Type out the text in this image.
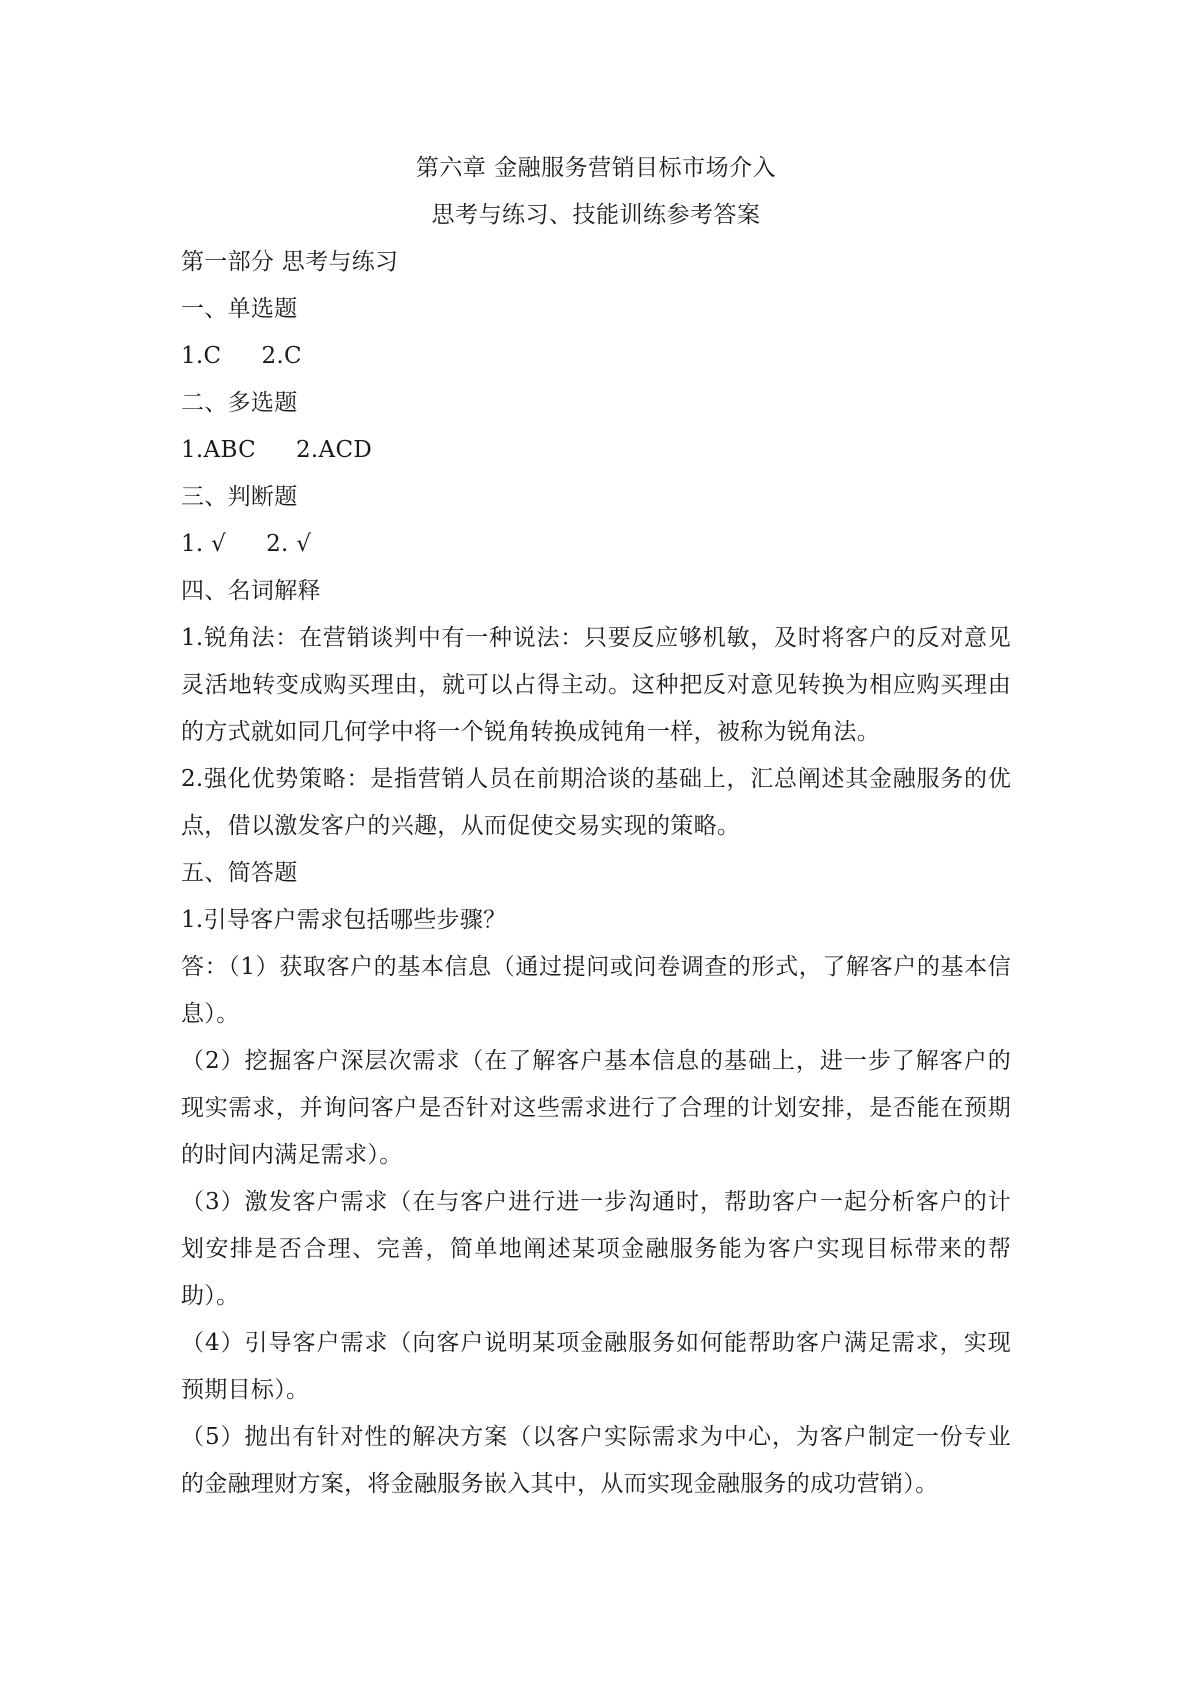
第六章 金融服务营销目标市场介入

思考与练习、技能训练参考答案

第一部分 思考与练习

一、单选题

1.C 2.C

二、多选题

1.ABC 2.ACD

三、判断题

1. √ 2. √

四、名词解释

1.锐角法：在营销谈判中有一种说法：只要反应够机敏，及时将客户的反对意见灵活地转变成购买理由，就可以占得主动。这种把反对意见转换为相应购买理由的方式就如同几何学中将一个锐角转换成钝角一样，被称为锐角法。

2.强化优势策略：是指营销人员在前期洽谈的基础上，汇总阐述其金融服务的优点，借以激发客户的兴趣，从而促使交易实现的策略。

五、简答题

1.引导客户需求包括哪些步骤？

答：（1）获取客户的基本信息（通过提问或问卷调查的形式，了解客户的基本信息）。

（2）挖掘客户深层次需求（在了解客户基本信息的基础上，进一步了解客户的现实需求，并询问客户是否针对这些需求进行了合理的计划安排，是否能在预期的时间内满足需求）。

（3）激发客户需求（在与客户进行进一步沟通时，帮助客户一起分析客户的计划安排是否合理、完善，简单地阐述某项金融服务能为客户实现目标带来的帮助）。

（4）引导客户需求（向客户说明某项金融服务如何能帮助客户满足需求，实现预期目标）。

（5）抛出有针对性的解决方案（以客户实际需求为中心，为客户制定一份专业的金融理财方案，将金融服务嵌入其中，从而实现金融服务的成功营销）。
